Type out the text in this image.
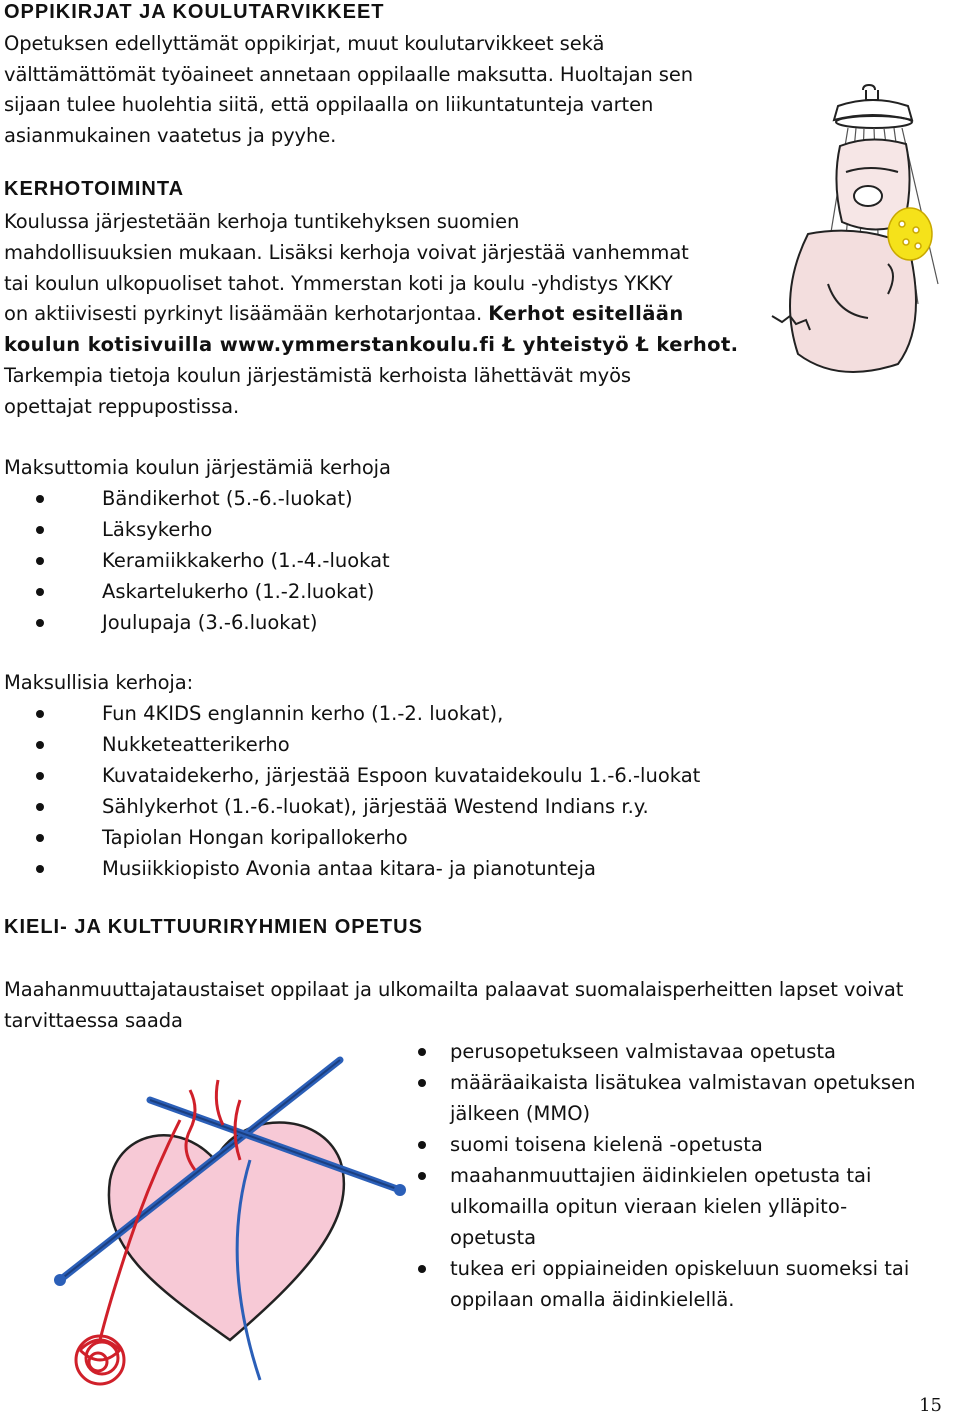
OPPIKIRJAT JA KOULUTARVIKKEET
Opetuksen edellyttämät oppikirjat, muut koulutarvikkeet sekä
välttämättömät työaineet annetaan oppilaalle maksutta. Huoltajan sen
sijaan tulee huolehtia siitä, että oppilaalla on liikuntatunteja varten
asianmukainen vaatetus ja pyyhe.
KERHOTOIMINTA
Koulussa järjestetään kerhoja tuntikehyksen suomien
mahdollisuuksien mukaan. Lisäksi kerhoja voivat järjestää vanhemmat
tai koulun ulkopuoliset tahot. Ymmerstan koti ja koulu -yhdistys YKKY
on aktiivisesti pyrkinyt lisäämään kerhotarjontaa. Kerhot esitellään
koulun kotisivuilla www.ymmerstankoulu.fi Ł yhteistyö Ł kerhot.
Tarkempia tietoja koulun järjestämistä kerhoista lähettävät myös
opettajat reppupostissa.
Maksuttomia koulun järjestämiä kerhoja
Bändikerhot (5.-6.-luokat)
Läksykerho
Keramiikkakerho (1.-4.-luokat
Askartelukerho (1.-2.luokat)
Joulupaja (3.-6.luokat)
Maksullisia kerhoja:
Fun 4KIDS englannin kerho (1.-2. luokat),
Nukketeatterikerho
Kuvataidekerho, järjestää Espoon kuvataidekoulu 1.-6.-luokat
Sählykerhot (1.-6.-luokat), järjestää Westend Indians r.y.
Tapiolan Hongan koripallokerho
Musiikkiopisto Avonia antaa kitara- ja pianotunteja
KIELI- JA KULTTUURIRYHMIEN OPETUS
Maahanmuuttajataustaiset oppilaat ja ulkomailta palaavat suomalaisperheitten lapset voivat
tarvittaessa saada
perusopetukseen valmistavaa opetusta
määräaikaista lisätukea valmistavan opetuksen
jälkeen (MMO)
suomi toisena kielenä -opetusta
maahanmuuttajien äidinkielen opetusta tai
ulkomailla opitun vieraan kielen ylläpito-
opetusta
tukea eri oppiaineiden opiskeluun suomeksi tai
oppilaan omalla äidinkielellä.
15
